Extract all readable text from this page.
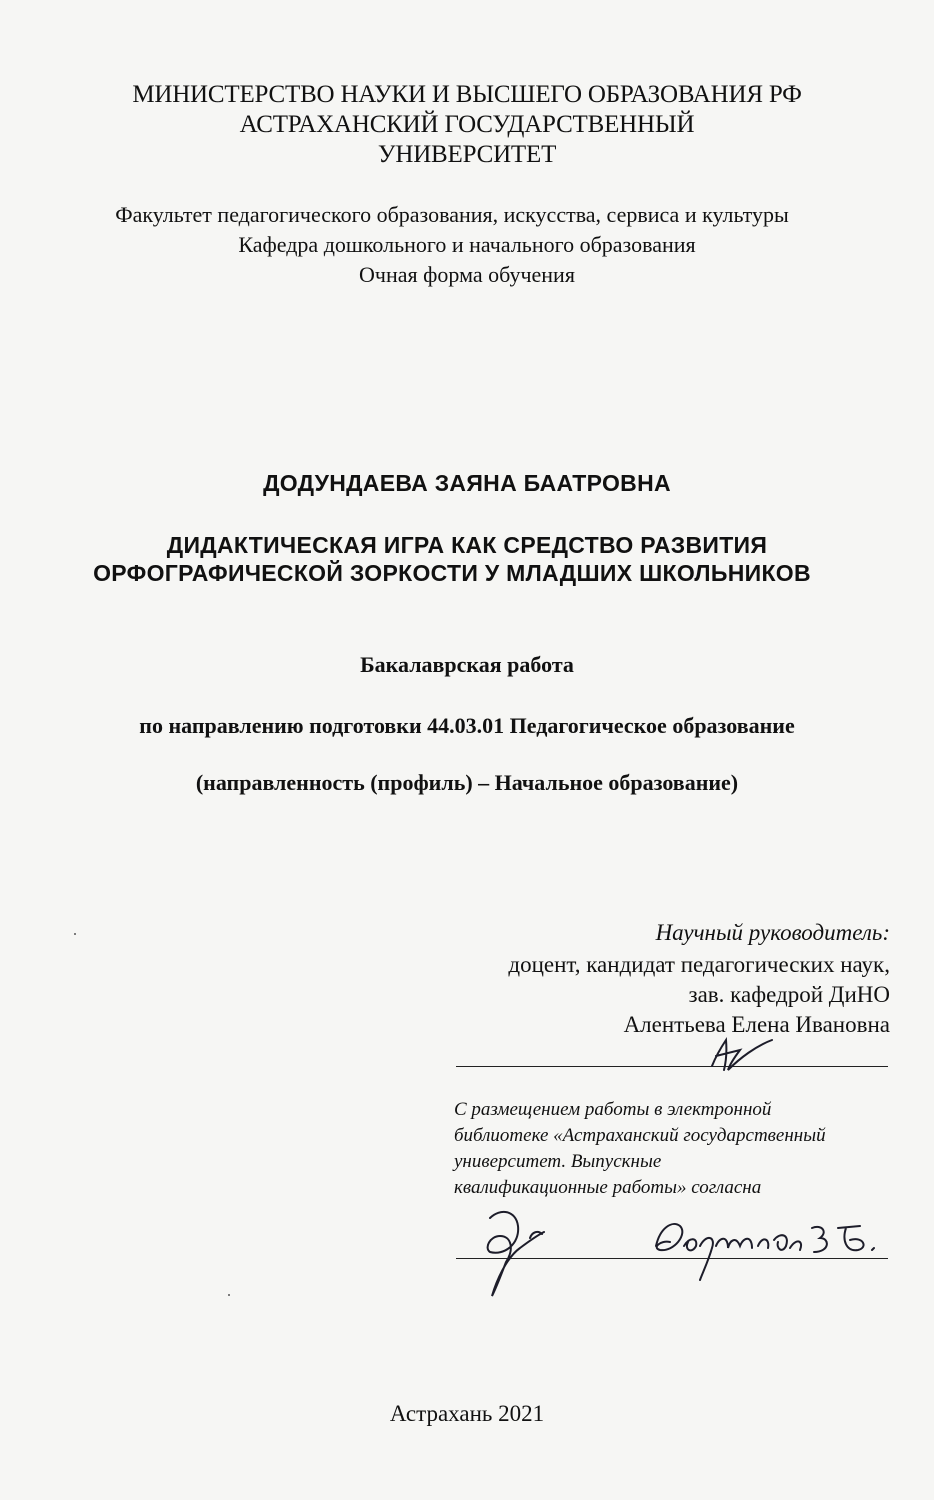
МИНИСТЕРСТВО НАУКИ И ВЫСШЕГО ОБРАЗОВАНИЯ РФ
АСТРАХАНСКИЙ ГОСУДАРСТВЕННЫЙ
УНИВЕРСИТЕТ
Факультет педагогического образования, искусства, сервиса и культуры
Кафедра дошкольного и начального образования
Очная форма обучения
ДОДУНДАЕВА ЗАЯНА БААТРОВНА
ДИДАКТИЧЕСКАЯ ИГРА КАК СРЕДСТВО РАЗВИТИЯ
ОРФОГРАФИЧЕСКОЙ ЗОРКОСТИ У МЛАДШИХ ШКОЛЬНИКОВ
Бакалаврская работа
по направлению подготовки 44.03.01 Педагогическое образование
(направленность (профиль) – Начальное образование)
Научный руководитель:
доцент, кандидат педагогических наук,
зав. кафедрой ДиНО
Алентьева Елена Ивановна
С размещением работы в электронной
библиотеке «Астраханский государственный
университет. Выпускные
квалификационные работы» согласна
Астрахань 2021
